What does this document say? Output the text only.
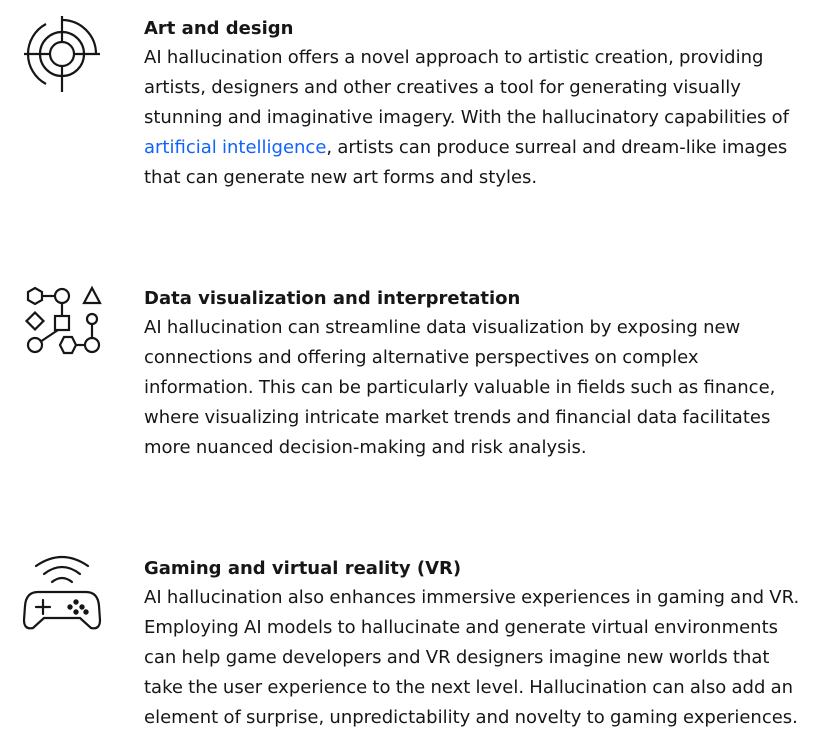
Art and design

AI hallucination offers a novel approach to artistic creation, providing artists, designers and other creatives a tool for generating visually stunning and imaginative imagery. With the hallucinatory capabilities of artificial intelligence, artists can produce surreal and dream-like images that can generate new art forms and styles.

Data visualization and interpretation

AI hallucination can streamline data visualization by exposing new connections and offering alternative perspectives on complex information. This can be particularly valuable in fields such as finance, where visualizing intricate market trends and financial data facilitates more nuanced decision-making and risk analysis.

Gaming and virtual reality (VR)

AI hallucination also enhances immersive experiences in gaming and VR. Employing AI models to hallucinate and generate virtual environments can help game developers and VR designers imagine new worlds that take the user experience to the next level. Hallucination can also add an element of surprise, unpredictability and novelty to gaming experiences.
